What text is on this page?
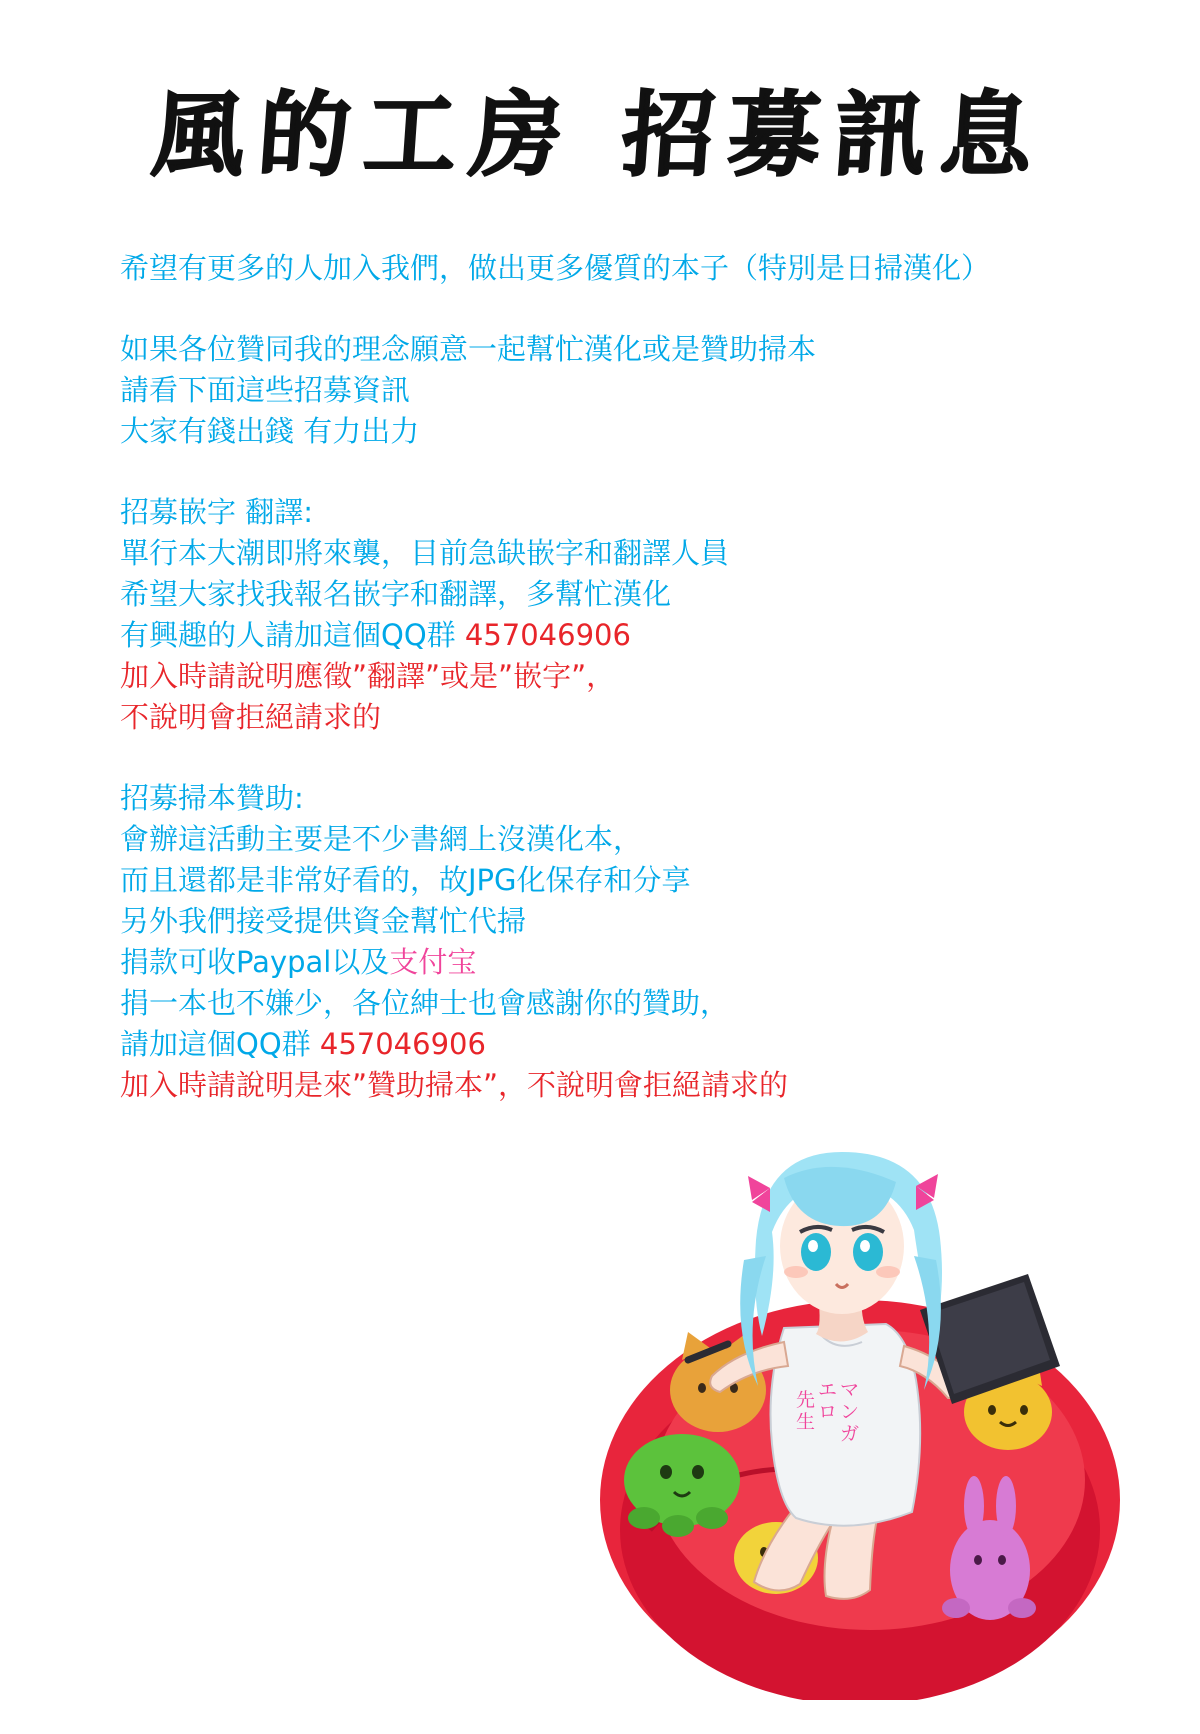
風的工房 招募訊息

希望有更多的人加入我們，做出更多優質的本子（特別是日掃漢化）

如果各位贊同我的理念願意一起幫忙漢化或是贊助掃本

請看下面這些招募資訊

大家有錢出錢 有力出力

招募嵌字 翻譯:

單行本大潮即將來襲，目前急缺嵌字和翻譯人員

希望大家找我報名嵌字和翻譯，多幫忙漢化

有興趣的人請加這個QQ群 457046906

加入時請說明應徵”翻譯”或是”嵌字”，

不說明會拒絕請求的

招募掃本贊助:

會辦這活動主要是不少書網上沒漢化本，

而且還都是非常好看的，故JPG化保存和分享

另外我們接受提供資金幫忙代掃

捐款可收Paypal以及支付宝

捐一本也不嫌少，各位紳士也會感謝你的贊助，

請加這個QQ群 457046906

加入時請說明是來”贊助掃本”，不說明會拒絕請求的

エ
ロ
マ
ン
ガ
先
生
